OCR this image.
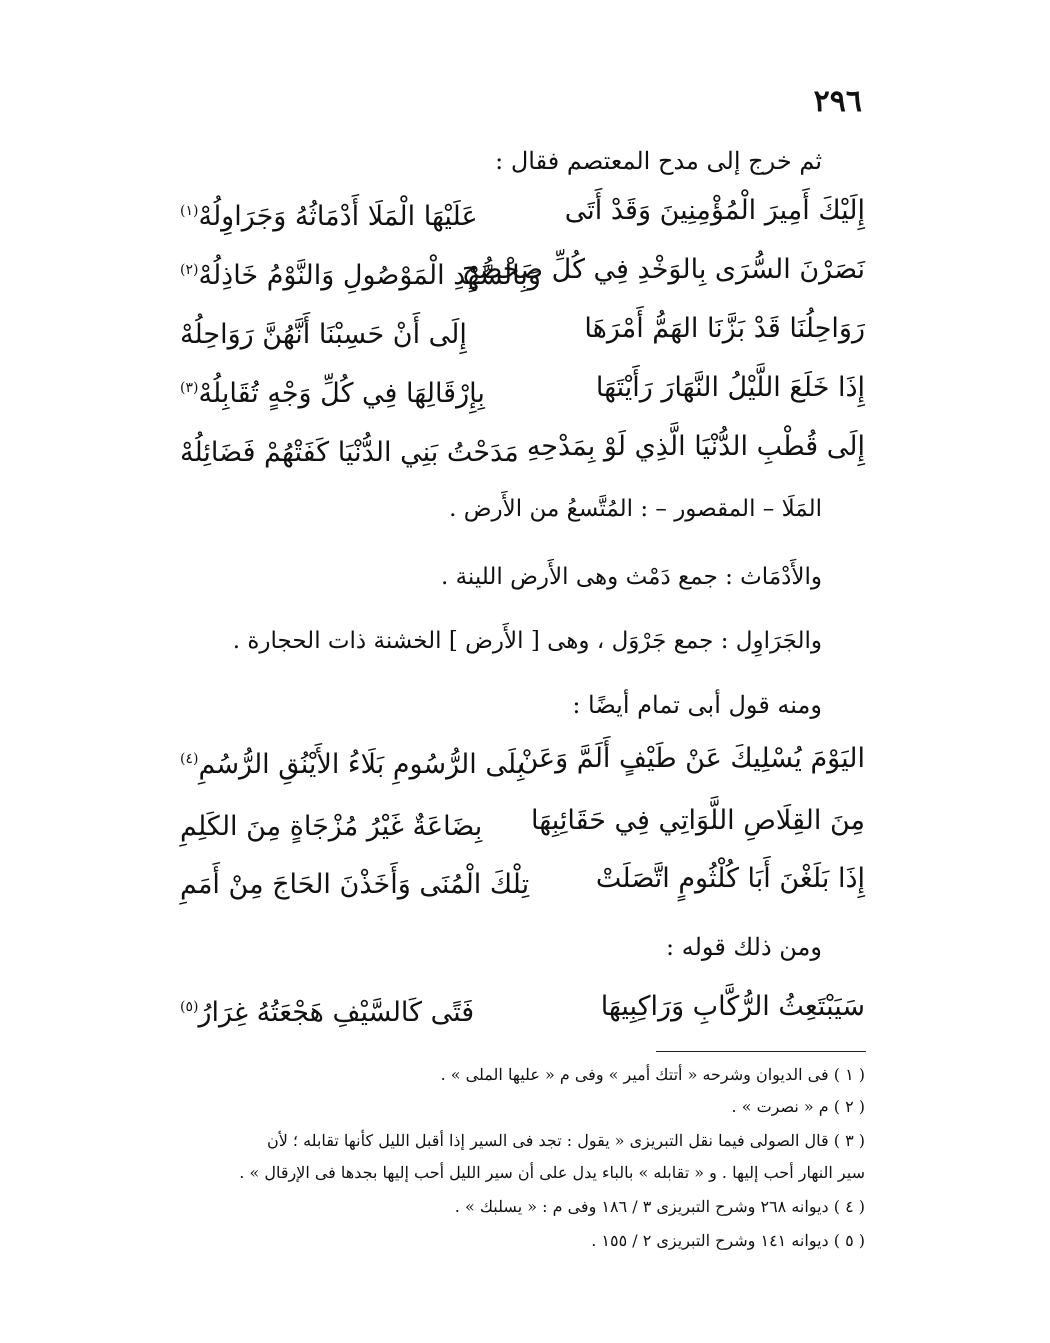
٢٩٦
ثم خرج إلى مدح المعتصم فقال :
إِلَيْكَ أَمِيرَ الْمُؤْمِنِينَ وَقَدْ أَتَى
عَلَيْهَا الْمَلَا أَدْمَاثُهُ وَجَرَاوِلُهْ$^{(١)}$
نَصَرْنَ السُّرَى بِالوَخْدِ فِي كُلِّ صَحْصَحٍ
وَبِالسُّهْدِ الْمَوْصُولِ وَالنَّوْمُ خَاذِلُهْ$^{(٢)}$
رَوَاحِلُنَا قَدْ بَزَّنَا الهَمُّ أَمْرَهَا
إِلَى أَنْ حَسِبْنَا أَنَّهُنَّ رَوَاحِلُهْ
إِذَا خَلَعَ اللَّيْلُ النَّهَارَ رَأَيْتَهَا
بِإِرْقَالِهَا فِي كُلِّ وَجْهٍ تُقَابِلُهْ$^{(٣)}$
إِلَى قُطْبِ الدُّنْيَا الَّذِي لَوْ بِمَدْحِهِ
مَدَحْتُ بَنِي الدُّنْيَا كَفَتْهُمْ فَضَائِلُهْ
المَلَا – المقصور – : المُتَّسعُ من الأَرض .
والأَدْمَاث : جمع دَمْث وهى الأَرض اللينة .
والجَرَاوِل : جمع جَرْوَل ، وهى [ الأَرض ] الخشنة ذات الحجارة .
ومنه قول أبى تمام أيضًا :
اليَوْمَ يُسْلِيكَ عَنْ طَيْفٍ أَلَمَّ وَعَنْ
بِلَى الرُّسُومِ بَلَاءُ الأَيْنُقِ الرُّسُمِ$^{(٤)}$
مِنَ القِلَاصِ اللَّوَاتِي فِي حَقَائِبِهَا
بِضَاعَةٌ غَيْرُ مُزْجَاةٍ مِنَ الكَلِمِ
إِذَا بَلَغْنَ أَبَا كُلْثُومٍ اتَّصَلَتْ
تِلْكَ الْمُنَى وَأَخَذْنَ الحَاجَ مِنْ أَمَمِ
ومن ذلك قوله :
سَيَبْتَعِثُ الرُّكَّابِ وَرَاكِبِيهَا
فَتًى كَالسَّيْفِ هَجْعَتُهُ غِرَارُ$^{(٥)}$
( ١ ) فى الديوان وشرحه « أتتك أمير » وفى م « عليها الملى » .
( ٢ ) م « نصرت » .
( ٣ ) قال الصولى فيما نقل التبريزى « يقول : تجد فى السير إذا أقبل الليل كأنها تقابله ؛ لأن
سير النهار أحب إليها . و « تقابله » بالباء يدل على أن سير الليل أحب إليها بجدها فى الإرقال » .
( ٤ ) ديوانه ٢٦٨ وشرح التبريزى ٣ / ١٨٦ وفى م : « يسلبك » .
( ٥ ) ديوانه ١٤١ وشرح التبريزى ٢ / ١٥٥ .
